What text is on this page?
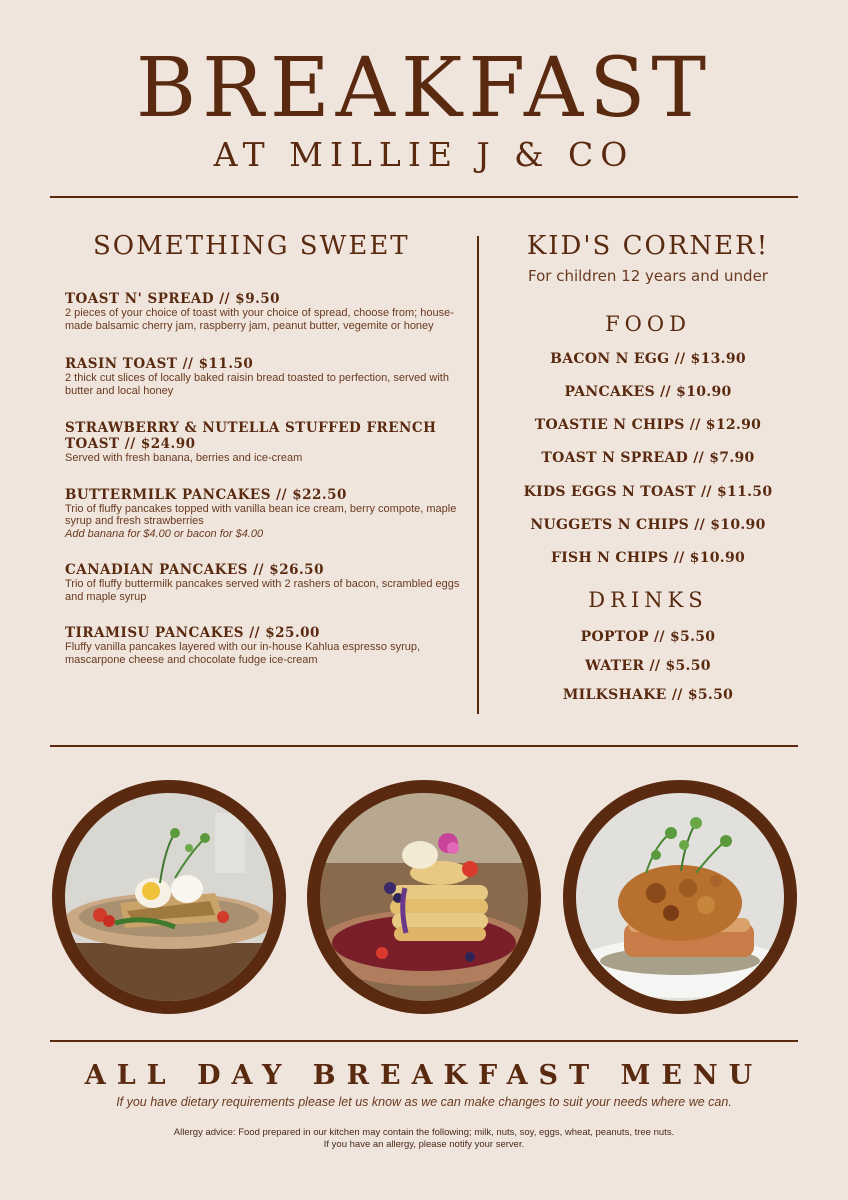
BREAKFAST
AT MILLIE J & CO
SOMETHING SWEET
TOAST N' SPREAD // $9.50
2 pieces of your choice of toast with your choice of spread, choose from; house-made balsamic cherry jam, raspberry jam, peanut butter, vegemite or honey
RASIN TOAST // $11.50
2 thick cut slices of locally baked raisin bread toasted to perfection, served with butter and local honey
STRAWBERRY & NUTELLA STUFFED FRENCH TOAST // $24.90
Served with fresh banana, berries and ice-cream
BUTTERMILK PANCAKES // $22.50
Trio of fluffy pancakes topped with vanilla bean ice cream, berry compote, maple syrup and fresh strawberries
Add banana for $4.00 or bacon for $4.00
CANADIAN PANCAKES // $26.50
Trio of fluffy buttermilk pancakes served with 2 rashers of bacon, scrambled eggs and maple syrup
TIRAMISU PANCAKES // $25.00
Fluffy vanilla pancakes layered with our in-house Kahlua espresso syrup, mascarpone cheese and chocolate fudge ice-cream
KID'S CORNER!
For children 12 years and under
FOOD
BACON N EGG // $13.90
PANCAKES // $10.90
TOASTIE N CHIPS // $12.90
TOAST N SPREAD // $7.90
KIDS EGGS N TOAST // $11.50
NUGGETS N CHIPS // $10.90
FISH N CHIPS // $10.90
DRINKS
POPTOP // $5.50
WATER // $5.50
MILKSHAKE // $5.50
ALL DAY BREAKFAST MENU
If you have dietary requirements please let us know as we can make changes to suit your needs where we can.
Allergy advice: Food prepared in our kitchen may contain the following; milk, nuts, soy, eggs, wheat, peanuts, tree nuts.
If you have an allergy, please notify your server.
